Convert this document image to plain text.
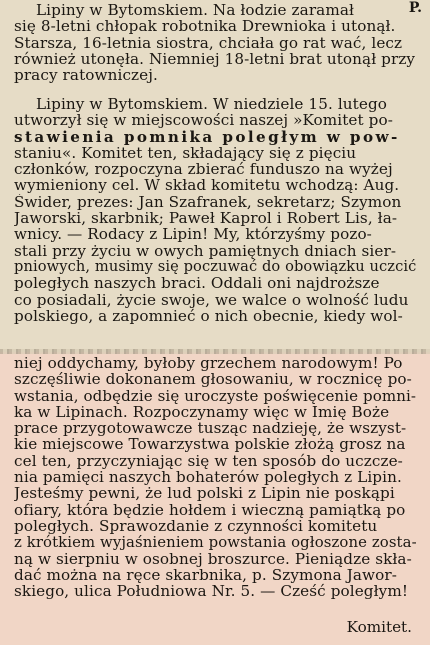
P.
Lipiny w Bytomskiem. Na łodzie zaramał
się 8-letni chłopak robotnika Drewnioka i utonął.
Starsza, 16-letnia siostra, chciała go rat wać, lecz
również utonęła. Niemniej 18-letni brat utonął przy
pracy ratowniczej.
Lipiny w Bytomskiem. W niedziele 15. lutego
utworzył się w miejscowości naszej »Komitet po-
stawienia pomnika poległym w pow-
staniu«. Komitet ten, składający się z pięciu
członków, rozpoczyna zbierać funduszo na wyżej
wymieniony cel. W skład komitetu wchodzą: Aug.
Świder, prezes: Jan Szafranek, sekretarz; Szymon
Jaworski, skarbnik; Paweł Kaprol i Robert Lis, ła-
wnicy. — Rodacy z Lipin! My, którzyśmy pozo-
stali przy życiu w owych pamiętnych dniach sier-
pniowych, musimy się poczuwać do obowiązku uczcić
poległych naszych braci. Oddali oni najdroższe
co posiadali, życie swoje, we walce o wolność ludu
polskiego, a zapomnieć o nich obecnie, kiedy wol-
niej oddychamy, byłoby grzechem narodowym! Po
szczęśliwie dokonanem głosowaniu, w rocznicę po-
wstania, odbędzie się uroczyste poświęcenie pomni-
ka w Lipinach. Rozpoczynamy więc w Imię Boże
prace przygotowawcze tusząc nadzieję, że wszyst-
kie miejscowe Towarzystwa polskie złożą grosz na
cel ten, przyczyniając się w ten sposób do uczcze-
nia pamięci naszych bohaterów poległych z Lipin.
Jesteśmy pewni, że lud polski z Lipin nie poskąpi
ofiary, która będzie hołdem i wieczną pamiątką po
poległych. Sprawozdanie z czynności komitetu
z krótkiem wyjaśnieniem powstania ogłoszone zosta-
ną w sierpniu w osobnej broszurce. Pieniądze skła-
dać można na ręce skarbnika, p. Szymona Jawor-
skiego, ulica Południowa Nr. 5. — Cześć poległym!
Komitet.
